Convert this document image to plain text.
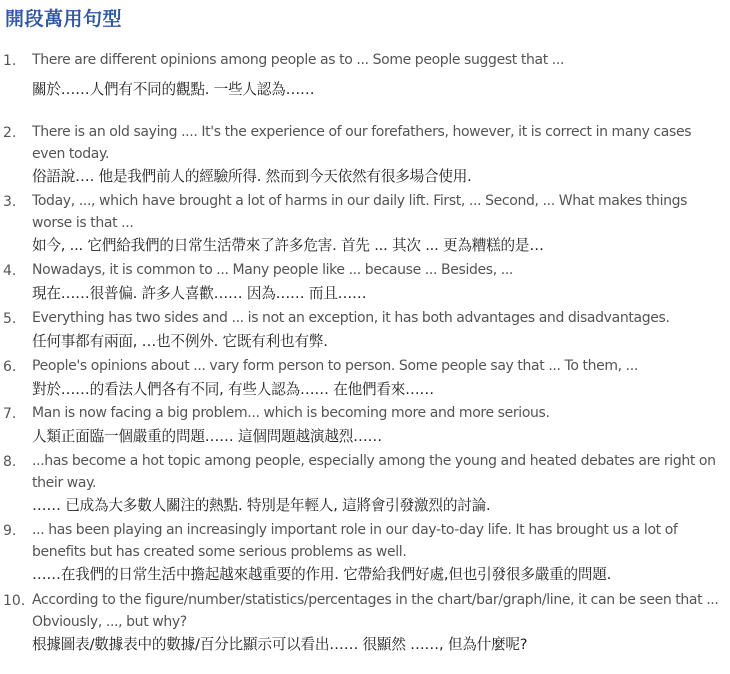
開段萬用句型
1. There are different opinions among people as to ... Some people suggest that ...
關於……人們有不同的觀點. 一些人認為……
2. There is an old saying .... It's the experience of our forefathers, however, it is correct in many cases even today.
俗語說…. 他是我們前人的經驗所得. 然而到今天依然有很多場合使用.
3. Today, ..., which have brought a lot of harms in our daily lift. First, ... Second, ... What makes things worse is that ...
如今, ... 它們給我們的日常生活帶來了許多危害. 首先 ... 其次 ... 更為糟糕的是…
4. Nowadays, it is common to ... Many people like ... because ... Besides, ...
現在……很普偏. 許多人喜歡…… 因為…… 而且……
5. Everything has two sides and ... is not an exception, it has both advantages and disadvantages.
任何事都有兩面, …也不例外. 它既有利也有弊.
6. People's opinions about ... vary form person to person. Some people say that ... To them, ...
對於……的看法人們各有不同, 有些人認為…… 在他們看來……
7. Man is now facing a big problem... which is becoming more and more serious.
人類正面臨一個嚴重的問題…… 這個問題越演越烈……
8. ...has become a hot topic among people, especially among the young and heated debates are right on their way.
…… 已成為大多數人關注的熱點. 特別是年輕人, 這將會引發激烈的討論.
9. ... has been playing an increasingly important role in our day-to-day life. It has brought us a lot of benefits but has created some serious problems as well.
……在我們的日常生活中擔起越來越重要的作用. 它帶給我們好處,但也引發很多嚴重的問題.
10. According to the figure/number/statistics/percentages in the chart/bar/graph/line, it can be seen that ... Obviously, ..., but why?
根據圖表/數據表中的數據/百分比顯示可以看出…… 很顯然 ……, 但為什麼呢?
